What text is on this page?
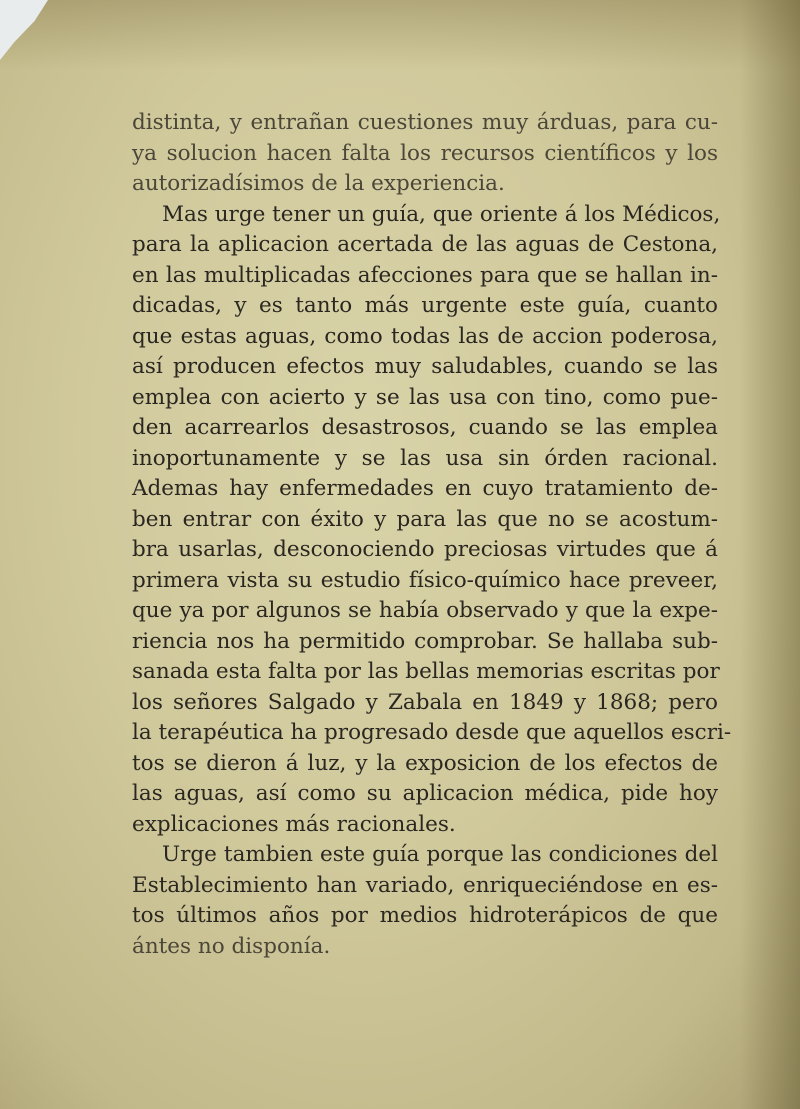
distinta, y entrañan cuestiones muy árduas, para cu-
ya solucion hacen falta los recursos científicos y los
autorizadísimos de la experiencia.
Mas urge tener un guía, que oriente á los Médicos,
para la aplicacion acertada de las aguas de Cestona,
en las multiplicadas afecciones para que se hallan in-
dicadas, y es tanto más urgente este guía, cuanto
que estas aguas, como todas las de accion poderosa,
así producen efectos muy saludables, cuando se las
emplea con acierto y se las usa con tino, como pue-
den acarrearlos desastrosos, cuando se las emplea
inoportunamente y se las usa sin órden racional.
Ademas hay enfermedades en cuyo tratamiento de-
ben entrar con éxito y para las que no se acostum-
bra usarlas, desconociendo preciosas virtudes que á
primera vista su estudio físico-químico hace preveer,
que ya por algunos se había observado y que la expe-
riencia nos ha permitido comprobar. Se hallaba sub-
sanada esta falta por las bellas memorias escritas por
los señores Salgado y Zabala en 1849 y 1868; pero
la terapéutica ha progresado desde que aquellos escri-
tos se dieron á luz, y la exposicion de los efectos de
las aguas, así como su aplicacion médica, pide hoy
explicaciones más racionales.
Urge tambien este guía porque las condiciones del
Establecimiento han variado, enriqueciéndose en es-
tos últimos años por medios hidroterápicos de que
ántes no disponía.
